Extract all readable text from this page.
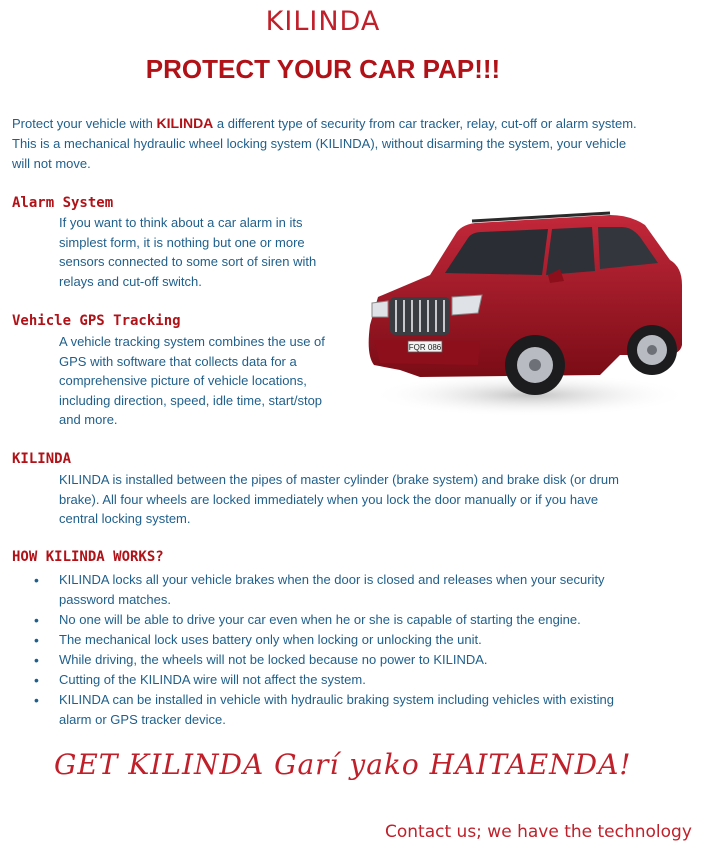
KILINDA
PROTECT YOUR CAR PAP!!!
Protect your vehicle with KILINDA a different type of security from car tracker, relay, cut-off or alarm system. This is a mechanical hydraulic wheel locking system (KILINDA), without disarming the system, your vehicle will not move.
Alarm System
If you want to think about a car alarm in its simplest form, it is nothing but one or more sensors connected to some sort of siren with relays and cut-off switch.
Vehicle GPS Tracking
A vehicle tracking system combines the use of GPS with software that collects data for a comprehensive picture of vehicle locations, including direction, speed, idle time, start/stop and more.
FQR 086
KILINDA
KILINDA is installed between the pipes of master cylinder (brake system) and brake disk (or drum brake). All four wheels are locked immediately when you lock the door manually or if you have central locking system.
HOW KILINDA WORKS?
• KILINDA locks all your vehicle brakes when the door is closed and releases when your security password matches.
• No one will be able to drive your car even when he or she is capable of starting the engine.
• The mechanical lock uses battery only when locking or unlocking the unit.
• While driving, the wheels will not be locked because no power to KILINDA.
• Cutting of the KILINDA wire will not affect the system.
• KILINDA can be installed in vehicle with hydraulic braking system including vehicles with existing alarm or GPS tracker device.
GET KILINDA Garí yako HAITAENDA!
Contact us; we have the technology
